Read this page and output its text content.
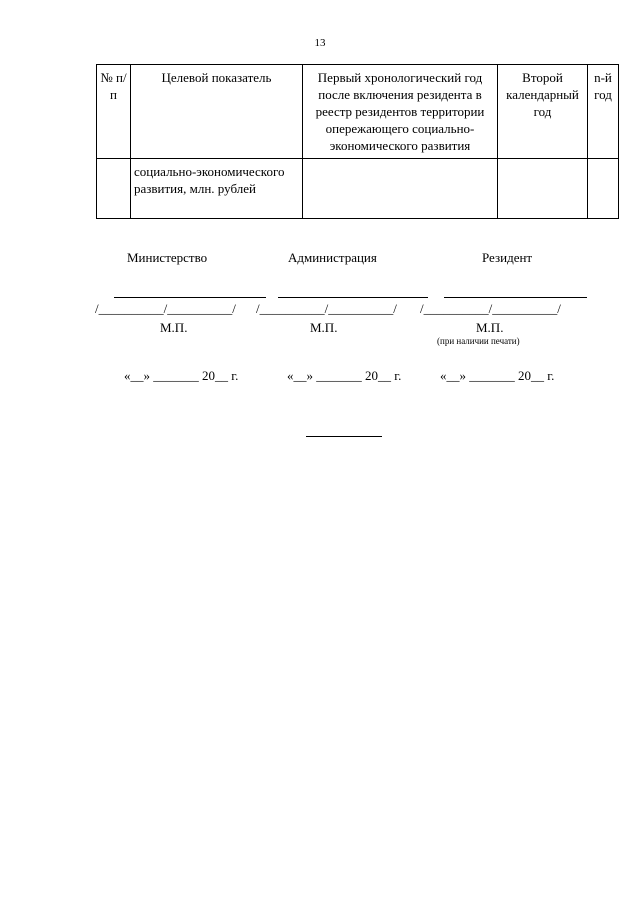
13
№ п/п	Целевой показатель	Первый хронологический год после включения резидента в реестр резидентов территории опережающего социально-экономического развития	Второй календарный год	n-й год
	социально-экономического развития, млн. рублей			
Министерство	Администрация	Резидент
/__________/__________/ /__________/__________/ /__________/__________/
М.П.	М.П.	М.П.
(при наличии печати)
«__» _______ 20__ г.	«__» _______ 20__ г.	«__» _______ 20__ г.
